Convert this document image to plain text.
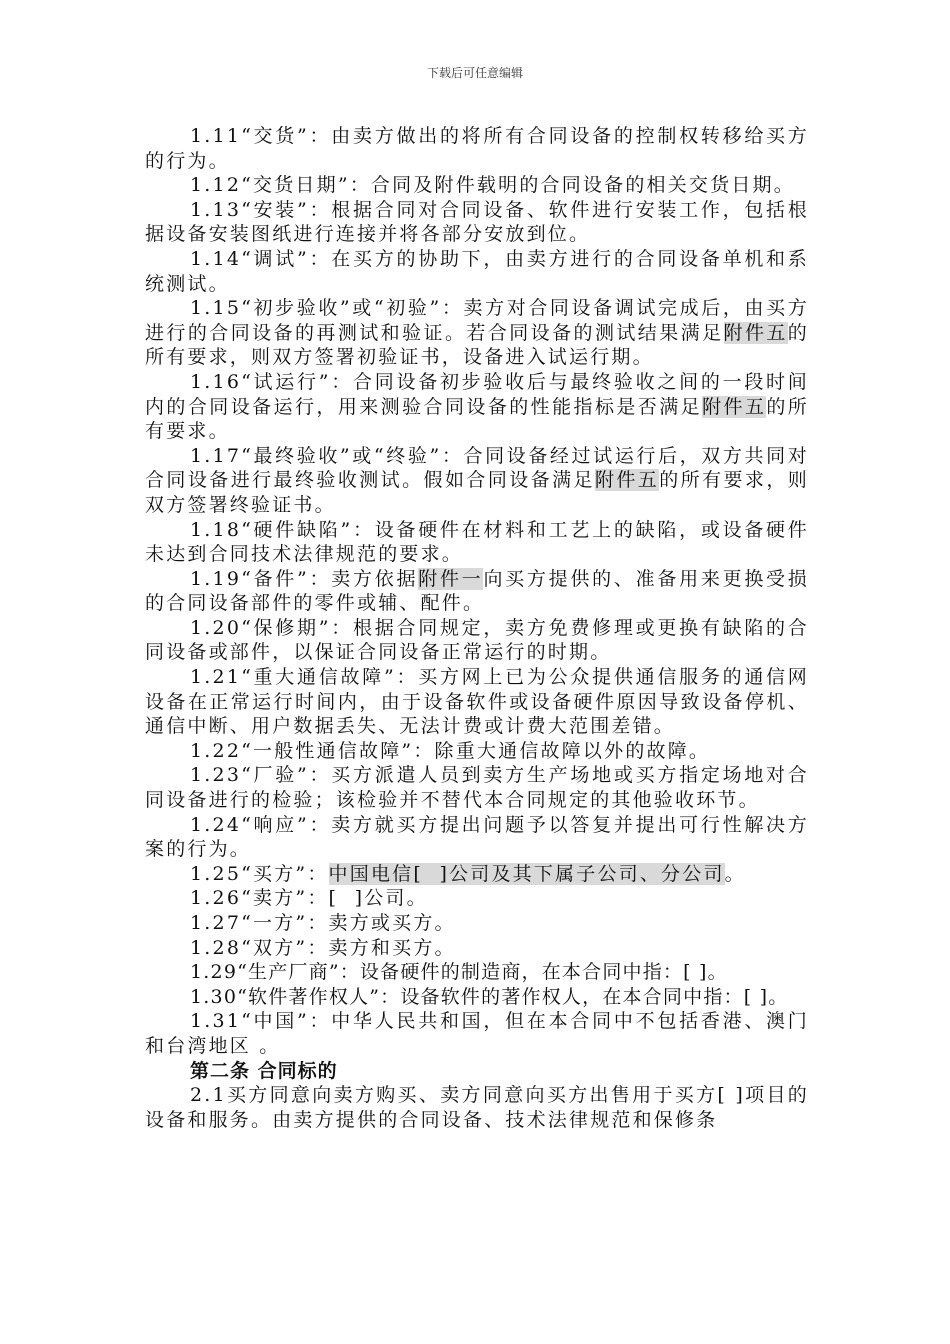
下载后可任意编辑

1.11“交货”：由卖方做出的将所有合同设备的控制权转移给买方的行为。

1.12“交货日期”：合同及附件载明的合同设备的相关交货日期。

1.13“安装”：根据合同对合同设备、软件进行安装工作，包括根据设备安装图纸进行连接并将各部分安放到位。

1.14“调试”：在买方的协助下，由卖方进行的合同设备单机和系统测试。

1.15“初步验收”或“初验”：卖方对合同设备调试完成后，由买方进行的合同设备的再测试和验证。若合同设备的测试结果满足附件五的所有要求，则双方签署初验证书，设备进入试运行期。

1.16“试运行”：合同设备初步验收后与最终验收之间的一段时间内的合同设备运行，用来测验合同设备的性能指标是否满足附件五的所有要求。

1.17“最终验收”或“终验”：合同设备经过试运行后，双方共同对合同设备进行最终验收测试。假如合同设备满足附件五的所有要求，则双方签署终验证书。

1.18“硬件缺陷”：设备硬件在材料和工艺上的缺陷，或设备硬件未达到合同技术法律规范的要求。

1.19“备件”：卖方依据附件一向买方提供的、准备用来更换受损的合同设备部件的零件或辅、配件。

1.20“保修期”：根据合同规定，卖方免费修理或更换有缺陷的合同设备或部件，以保证合同设备正常运行的时期。

1.21“重大通信故障”：买方网上已为公众提供通信服务的通信网设备在正常运行时间内，由于设备软件或设备硬件原因导致设备停机、通信中断、用户数据丢失、无法计费或计费大范围差错。

1.22“一般性通信故障”：除重大通信故障以外的故障。

1.23“厂验”：买方派遣人员到卖方生产场地或买方指定场地对合同设备进行的检验；该检验并不替代本合同规定的其他验收环节。

1.24“响应”：卖方就买方提出问题予以答复并提出可行性解决方案的行为。

1.25“买方”：中国电信[  ]公司及其下属子公司、分公司。

1.26“卖方”：[  ]公司。

1.27“一方”：卖方或买方。

1.28“双方”：卖方和买方。

1.29“生产厂商”：设备硬件的制造商，在本合同中指：[ ]。

1.30“软件著作权人”：设备软件的著作权人，在本合同中指：[ ]。

1.31“中国”：中华人民共和国，但在本合同中不包括香港、澳门和台湾地区 。

第二条 合同标的

2.1买方同意向卖方购买、卖方同意向买方出售用于买方[ ]项目的设备和服务。由卖方提供的合同设备、技术法律规范和保修条
